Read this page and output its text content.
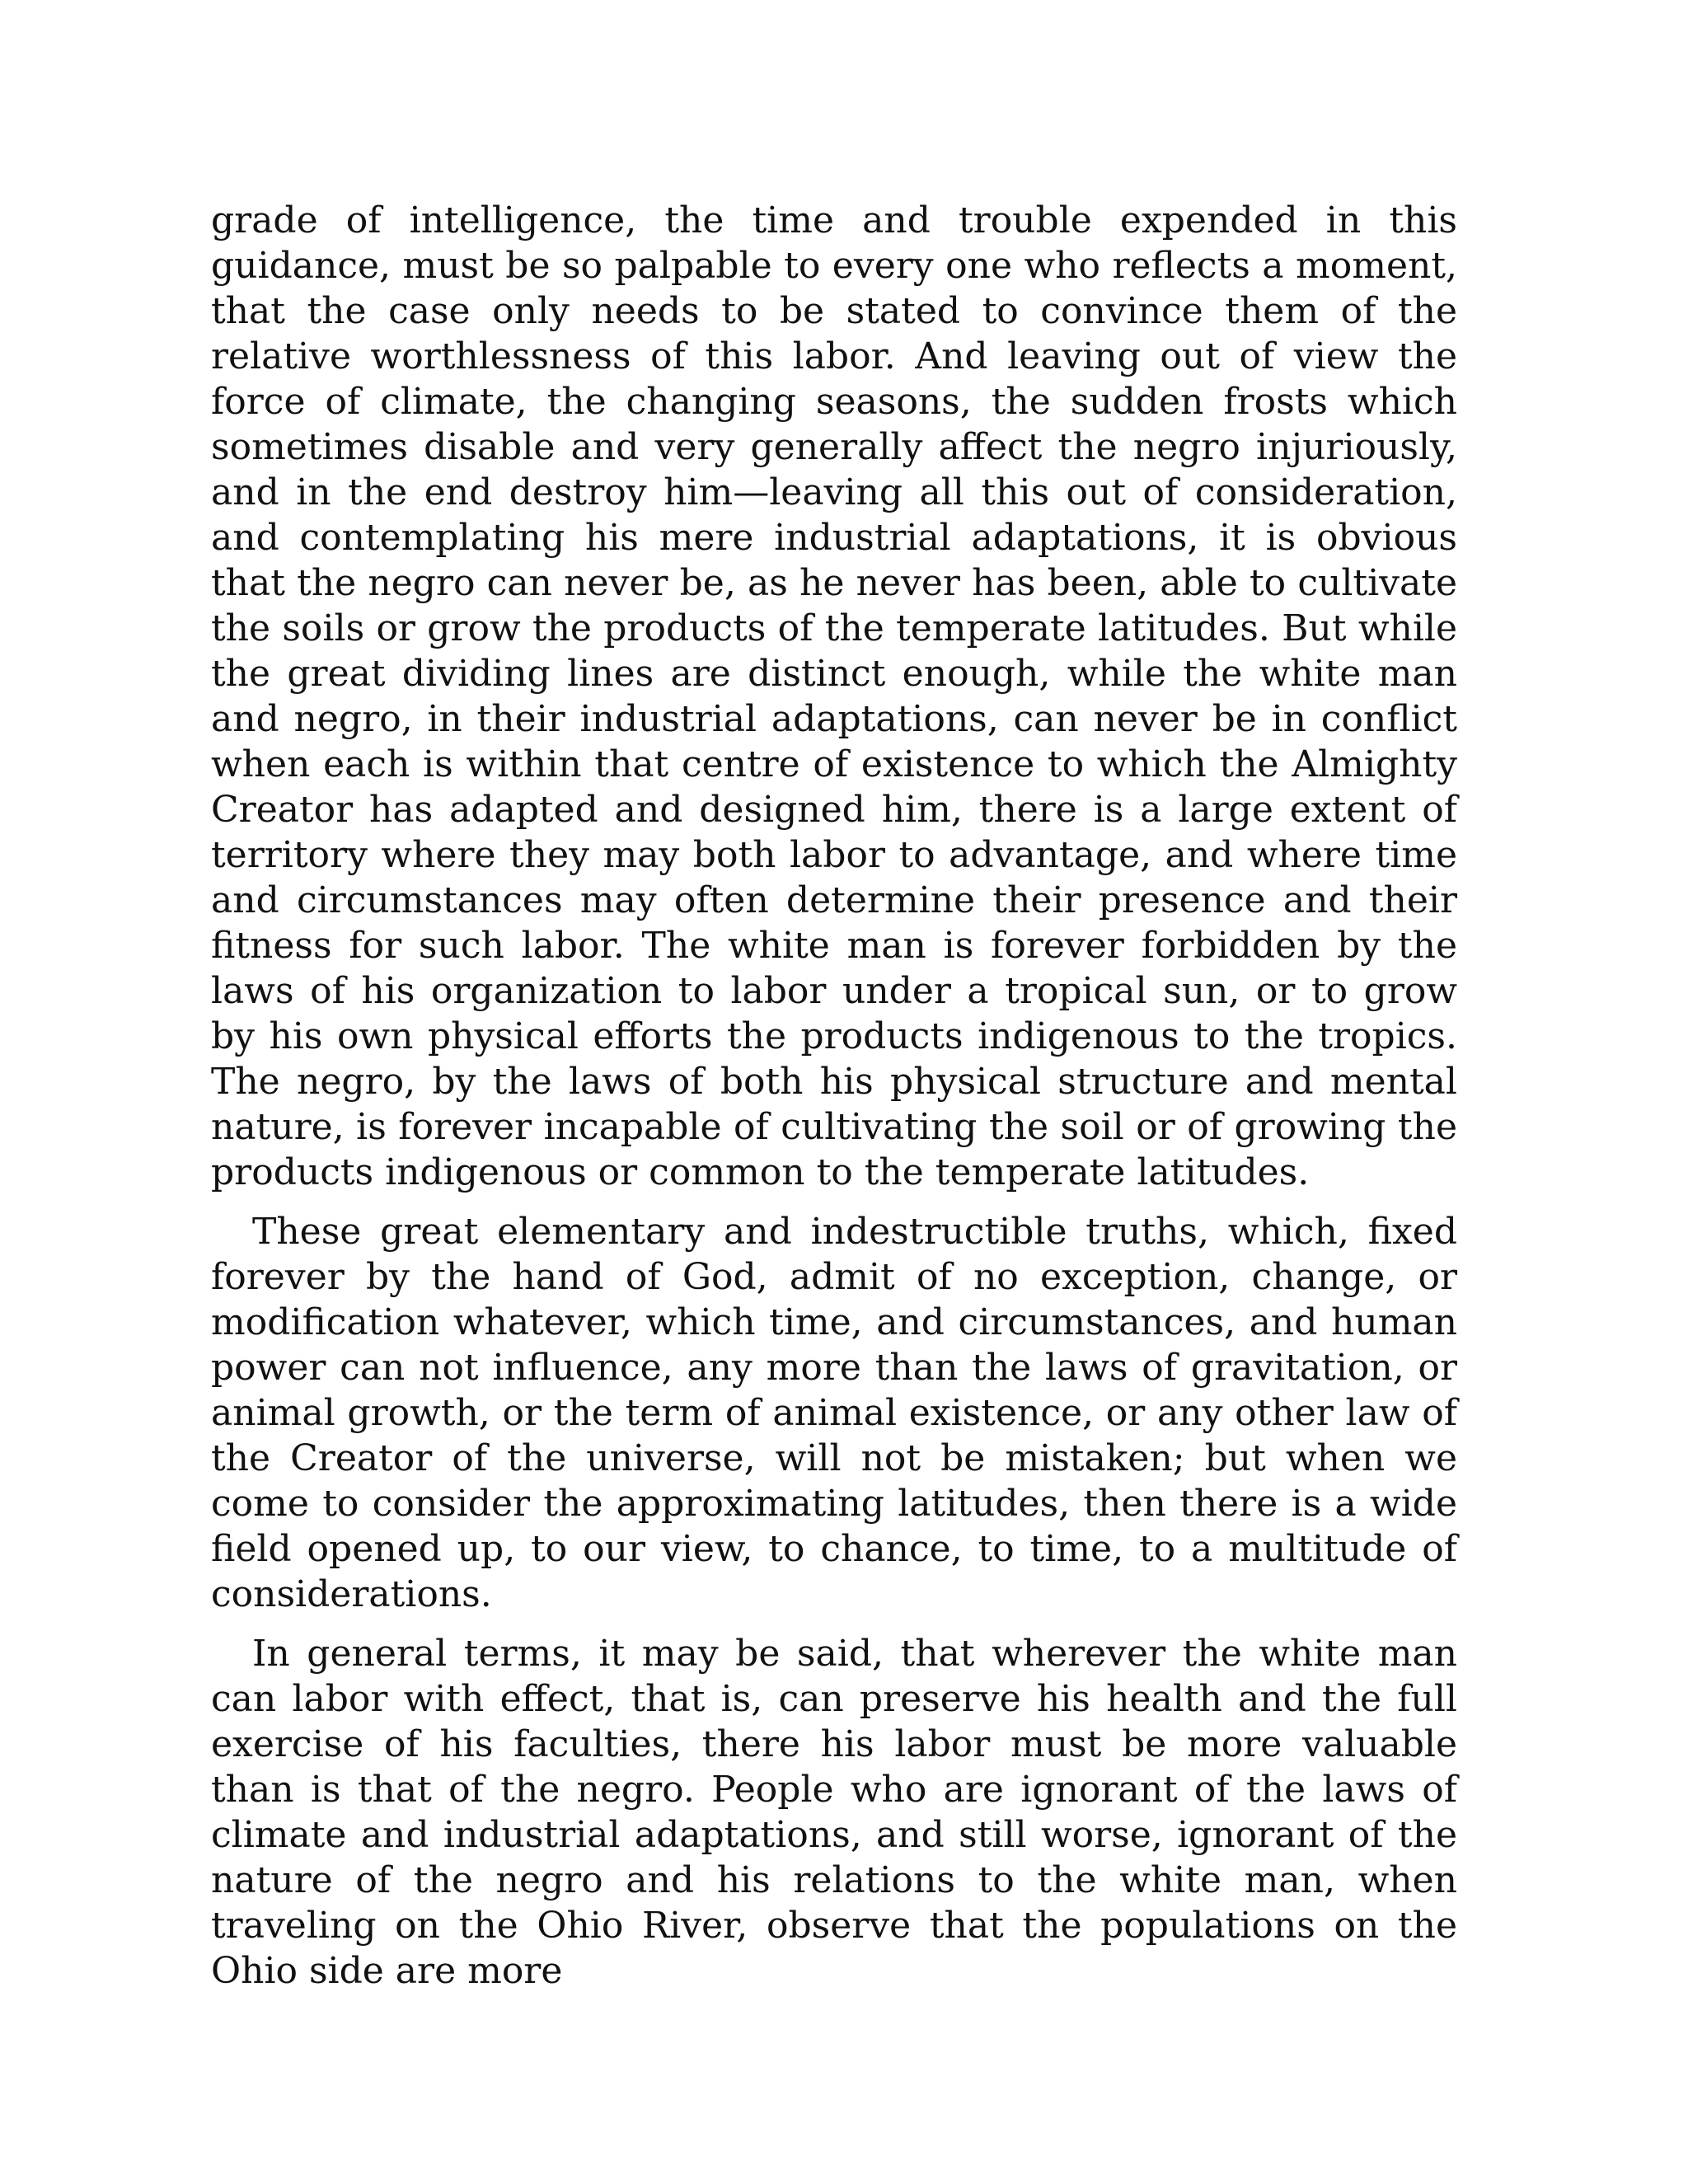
grade of intelligence, the time and trouble expended in this guidance, must be so palpable to every one who reflects a moment, that the case only needs to be stated to convince them of the relative worthlessness of this labor. And leaving out of view the force of climate, the changing seasons, the sudden frosts which sometimes disable and very generally affect the negro injuriously, and in the end destroy him—leaving all this out of consideration, and contemplating his mere industrial adaptations, it is obvious that the negro can never be, as he never has been, able to cultivate the soils or grow the products of the temperate latitudes. But while the great dividing lines are distinct enough, while the white man and negro, in their industrial adaptations, can never be in conflict when each is within that centre of existence to which the Almighty Creator has adapted and designed him, there is a large extent of territory where they may both labor to advantage, and where time and circumstances may often determine their presence and their fitness for such labor. The white man is forever forbidden by the laws of his organization to labor under a tropical sun, or to grow by his own physical efforts the products indigenous to the tropics. The negro, by the laws of both his physical structure and mental nature, is forever incapable of cultivating the soil or of growing the products indigenous or common to the temperate latitudes.

These great elementary and indestructible truths, which, fixed forever by the hand of God, admit of no exception, change, or modification whatever, which time, and circumstances, and human power can not influence, any more than the laws of gravitation, or animal growth, or the term of animal existence, or any other law of the Creator of the universe, will not be mistaken; but when we come to consider the approximating latitudes, then there is a wide field opened up, to our view, to chance, to time, to a multitude of considerations.

In general terms, it may be said, that wherever the white man can labor with effect, that is, can preserve his health and the full exercise of his faculties, there his labor must be more valuable than is that of the negro. People who are ignorant of the laws of climate and industrial adaptations, and still worse, ignorant of the nature of the negro and his relations to the white man, when traveling on the Ohio River, observe that the populations on the Ohio side are more
